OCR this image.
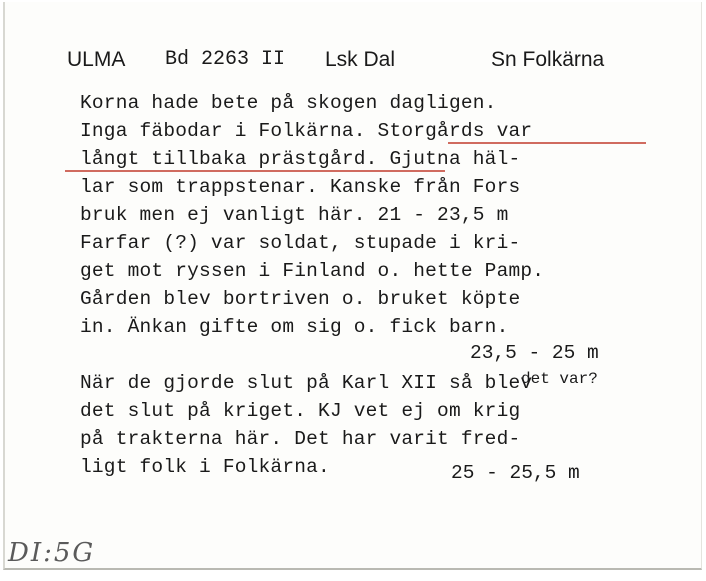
ULMA Bd 2263 II Lsk Dal	Sn Folkärna
Korna hade bete på skogen dagligen.
Inga fäbodar i Folkärna. Storgårds var
långt tillbaka prästgård. Gjutna häl-
lar som trappstenar. Kanske från Fors
bruk men ej vanligt här. 21 - 23,5 m
Farfar (?) var soldat, stupade i kri-
get mot ryssen i Finland o. hette Pamp.
Gården blev bortriven o. bruket köpte
in. Änkan gifte om sig o. fick barn.
23,5 - 25 m
När de gjorde slut på Karl XII så blev
det var?
det slut på kriget. KJ vet ej om krig
på trakterna här. Det har varit fred-
ligt folk i Folkärna.	25 - 25,5 m
DI:5G
